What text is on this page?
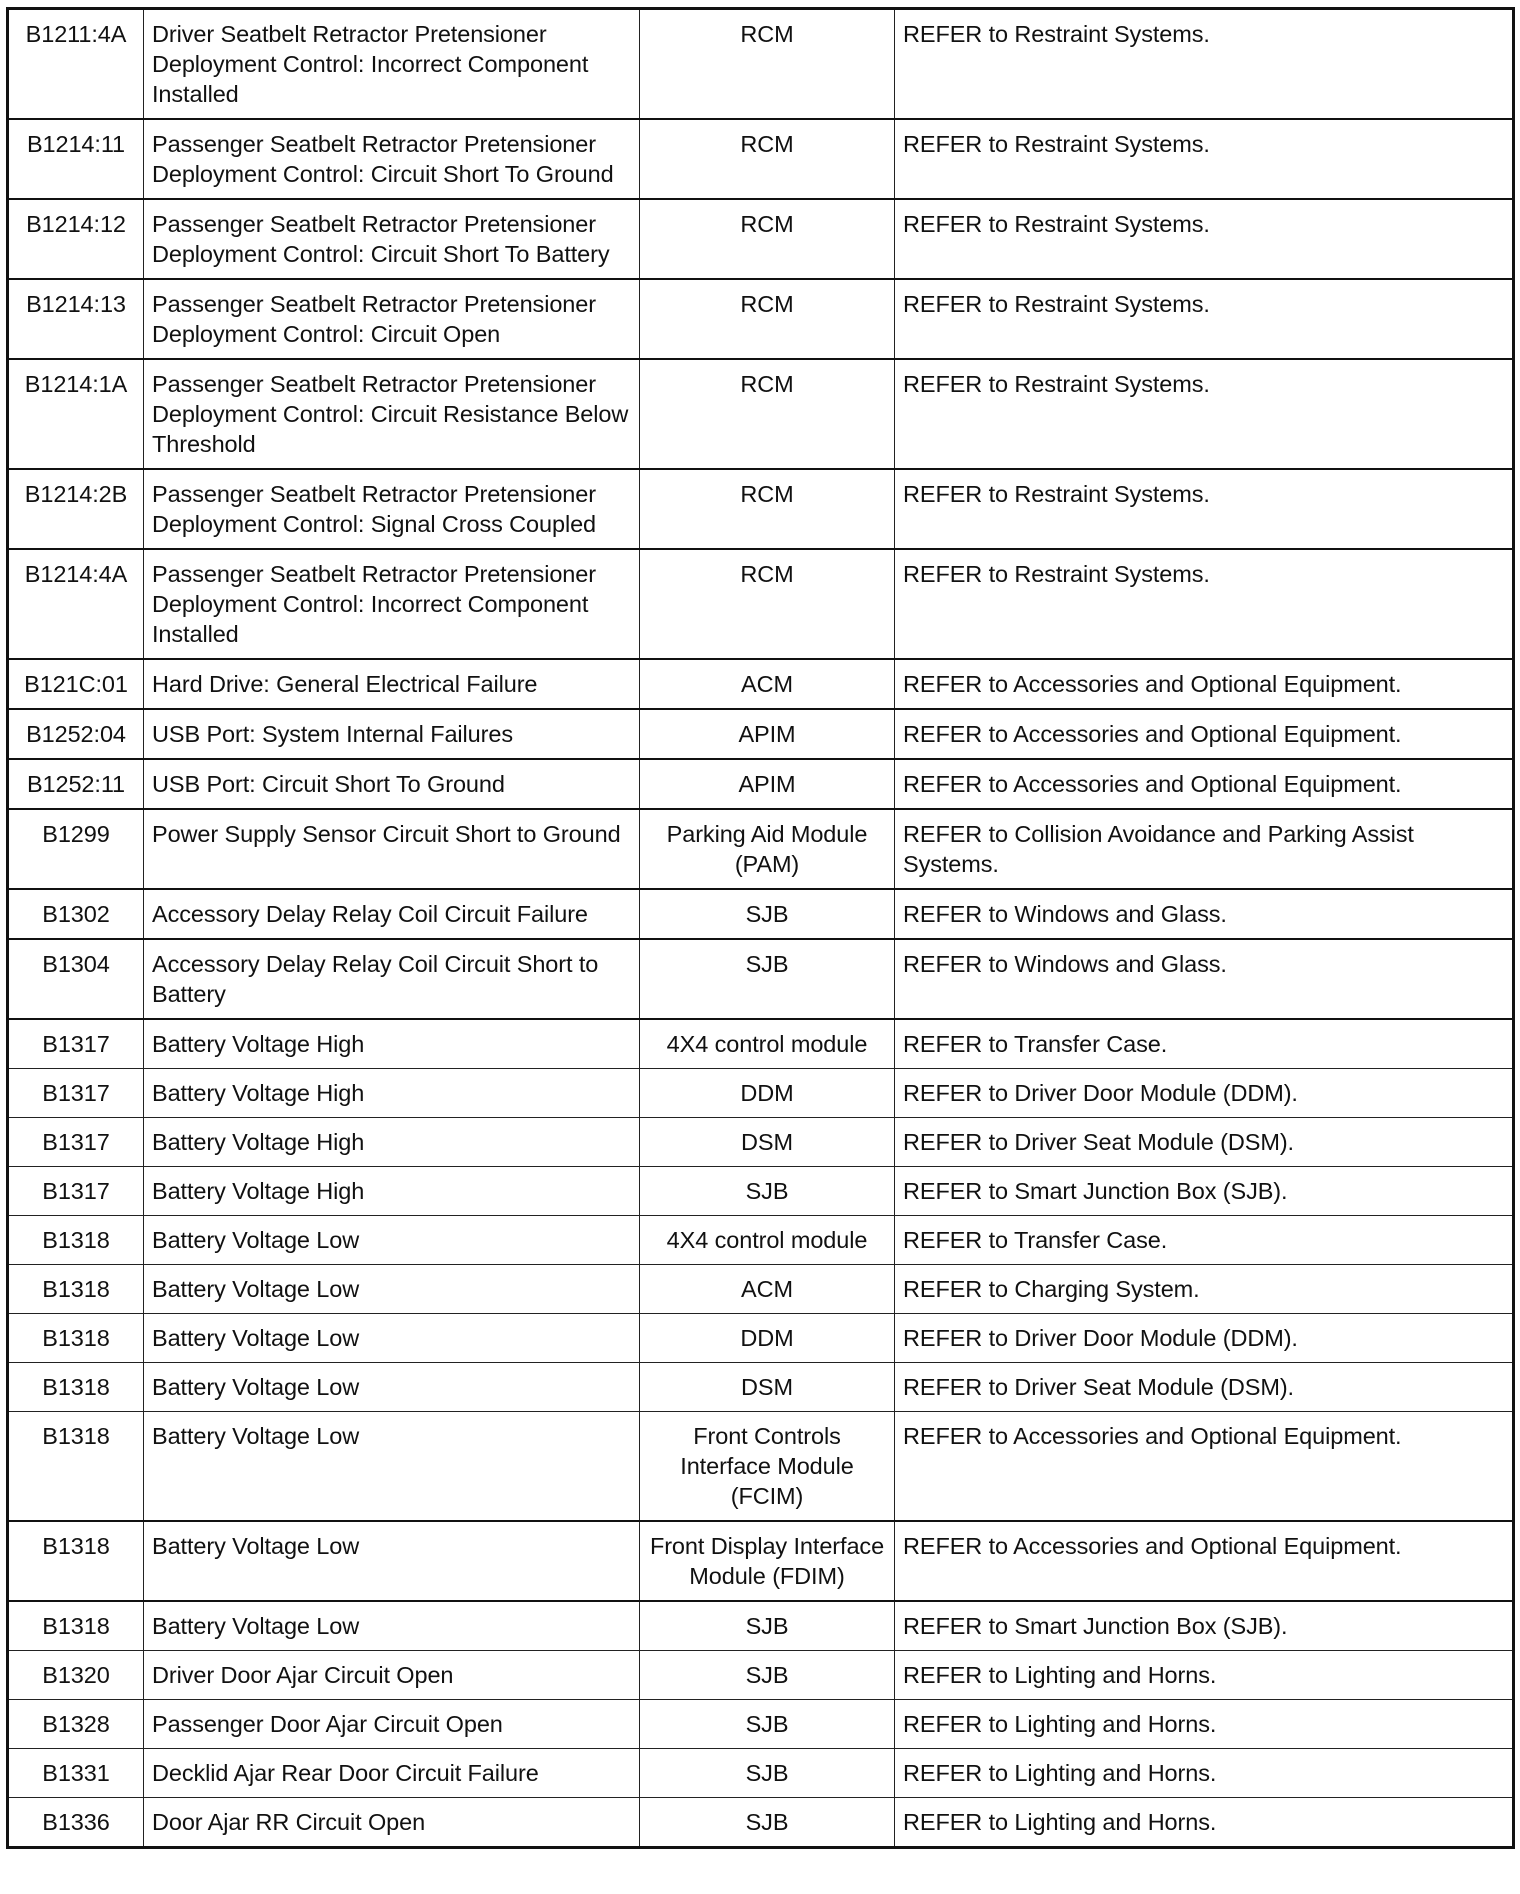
B1211:4A	Driver Seatbelt Retractor Pretensioner Deployment Control: Incorrect Component Installed	RCM	REFER to Restraint Systems.
B1214:11	Passenger Seatbelt Retractor Pretensioner Deployment Control: Circuit Short To Ground	RCM	REFER to Restraint Systems.
B1214:12	Passenger Seatbelt Retractor Pretensioner Deployment Control: Circuit Short To Battery	RCM	REFER to Restraint Systems.
B1214:13	Passenger Seatbelt Retractor Pretensioner Deployment Control: Circuit Open	RCM	REFER to Restraint Systems.
B1214:1A	Passenger Seatbelt Retractor Pretensioner Deployment Control: Circuit Resistance Below Threshold	RCM	REFER to Restraint Systems.
B1214:2B	Passenger Seatbelt Retractor Pretensioner Deployment Control: Signal Cross Coupled	RCM	REFER to Restraint Systems.
B1214:4A	Passenger Seatbelt Retractor Pretensioner Deployment Control: Incorrect Component Installed	RCM	REFER to Restraint Systems.
B121C:01	Hard Drive: General Electrical Failure	ACM	REFER to Accessories and Optional Equipment.
B1252:04	USB Port: System Internal Failures	APIM	REFER to Accessories and Optional Equipment.
B1252:11	USB Port: Circuit Short To Ground	APIM	REFER to Accessories and Optional Equipment.
B1299	Power Supply Sensor Circuit Short to Ground	Parking Aid Module (PAM)	REFER to Collision Avoidance and Parking Assist Systems.
B1302	Accessory Delay Relay Coil Circuit Failure	SJB	REFER to Windows and Glass.
B1304	Accessory Delay Relay Coil Circuit Short to Battery	SJB	REFER to Windows and Glass.
B1317	Battery Voltage High	4X4 control module	REFER to Transfer Case.
B1317	Battery Voltage High	DDM	REFER to Driver Door Module (DDM).
B1317	Battery Voltage High	DSM	REFER to Driver Seat Module (DSM).
B1317	Battery Voltage High	SJB	REFER to Smart Junction Box (SJB).
B1318	Battery Voltage Low	4X4 control module	REFER to Transfer Case.
B1318	Battery Voltage Low	ACM	REFER to Charging System.
B1318	Battery Voltage Low	DDM	REFER to Driver Door Module (DDM).
B1318	Battery Voltage Low	DSM	REFER to Driver Seat Module (DSM).
B1318	Battery Voltage Low	Front Controls Interface Module (FCIM)	REFER to Accessories and Optional Equipment.
B1318	Battery Voltage Low	Front Display Interface Module (FDIM)	REFER to Accessories and Optional Equipment.
B1318	Battery Voltage Low	SJB	REFER to Smart Junction Box (SJB).
B1320	Driver Door Ajar Circuit Open	SJB	REFER to Lighting and Horns.
B1328	Passenger Door Ajar Circuit Open	SJB	REFER to Lighting and Horns.
B1331	Decklid Ajar Rear Door Circuit Failure	SJB	REFER to Lighting and Horns.
B1336	Door Ajar RR Circuit Open	SJB	REFER to Lighting and Horns.
